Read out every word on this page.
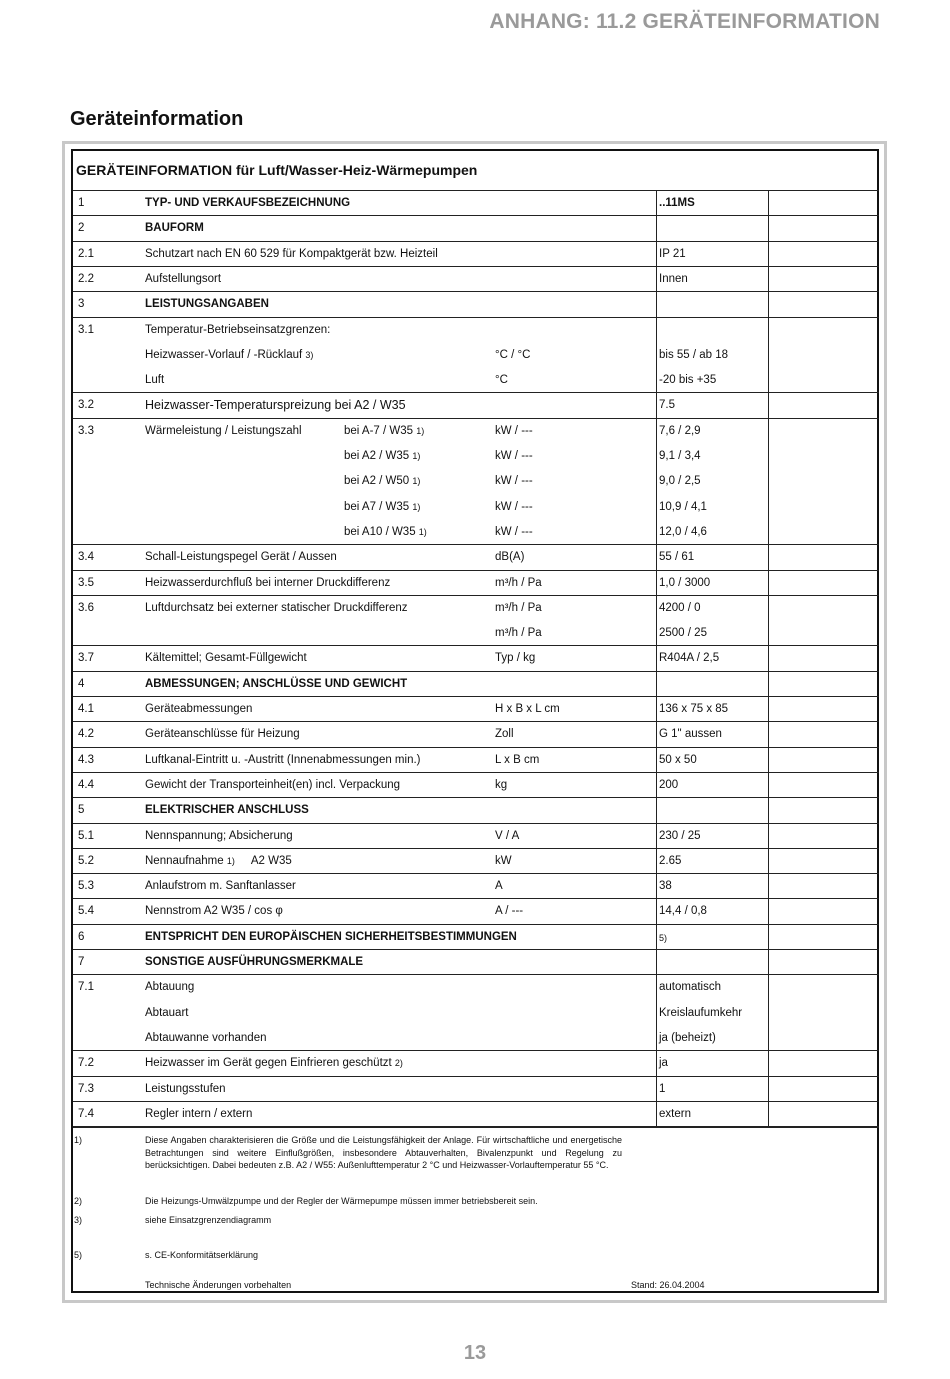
ANHANG: 11.2 GERÄTEINFORMATION
Geräteinformation
GERÄTEINFORMATION für Luft/Wasser-Heiz-Wärmepumpen
1	TYP- UND VERKAUFSBEZEICHNUNG	..11MS
2	BAUFORM
2.1	Schutzart nach EN 60 529 für Kompaktgerät bzw. Heizteil	IP 21
2.2	Aufstellungsort	Innen
3	LEISTUNGSANGABEN
3.1	Temperatur-Betriebseinsatzgrenzen:
Heizwasser-Vorlauf / -Rücklauf 3)	°C / °C	bis 55 / ab 18
Luft	°C	-20 bis +35
3.2	Heizwasser-Temperaturspreizung bei A2 / W35	7.5
3.3	Wärmeleistung / Leistungszahl	bei A-7 / W35 1)	kW / ---	7,6 / 2,9
bei A2 / W35 1)	kW / ---	9,1 / 3,4
bei A2 / W50 1)	kW / ---	9,0 / 2,5
bei A7 / W35 1)	kW / ---	10,9 / 4,1
bei A10 / W35 1)	kW / ---	12,0 / 4,6
3.4	Schall-Leistungspegel Gerät / Aussen	dB(A)	55 / 61
3.5	Heizwasserdurchfluß bei interner Druckdifferenz	m³/h / Pa	1,0 / 3000
3.6	Luftdurchsatz bei externer statischer Druckdifferenz	m³/h / Pa	4200 / 0
m³/h / Pa	2500 / 25
3.7	Kältemittel; Gesamt-Füllgewicht	Typ / kg	R404A / 2,5
4	ABMESSUNGEN; ANSCHLÜSSE UND GEWICHT
4.1	Geräteabmessungen	H x B x L cm	136 x 75 x 85
4.2	Geräteanschlüsse für Heizung	Zoll	G 1" aussen
4.3	Luftkanal-Eintritt u. -Austritt (Innenabmessungen min.)	L x B cm	50 x 50
4.4	Gewicht der Transporteinheit(en) incl. Verpackung	kg	200
5	ELEKTRISCHER ANSCHLUSS
5.1	Nennspannung; Absicherung	V / A	230 / 25
5.2	Nennaufnahme 1) A2 W35	kW	2.65
5.3	Anlaufstrom m. Sanftanlasser	A	38
5.4	Nennstrom A2 W35 / cos φ	A / ---	14,4 / 0,8
6	ENTSPRICHT DEN EUROPÄISCHEN SICHERHEITSBESTIMMUNGEN	5)
7	SONSTIGE AUSFÜHRUNGSMERKMALE
7.1	Abtauung	automatisch
Abtauart	Kreislaufumkehr
Abtauwanne vorhanden	ja (beheizt)
7.2	Heizwasser im Gerät gegen Einfrieren geschützt 2)	ja
7.3	Leistungsstufen	1
7.4	Regler intern / extern	extern
1)	Diese Angaben charakterisieren die Größe und die Leistungsfähigkeit der Anlage. Für wirtschaftliche und energetische Betrachtungen sind weitere Einflußgrößen, insbesondere Abtauverhalten, Bivalenzpunkt und Regelung zu berücksichtigen. Dabei bedeuten z.B. A2 / W55: Außenlufttemperatur 2 °C und Heizwasser-Vorlauftemperatur 55 °C.
2)	Die Heizungs-Umwälzpumpe und der Regler der Wärmepumpe müssen immer betriebsbereit sein.
3)	siehe Einsatzgrenzendiagramm
5)	s. CE-Konformitätserklärung
Technische Änderungen vorbehalten	Stand: 26.04.2004
13
